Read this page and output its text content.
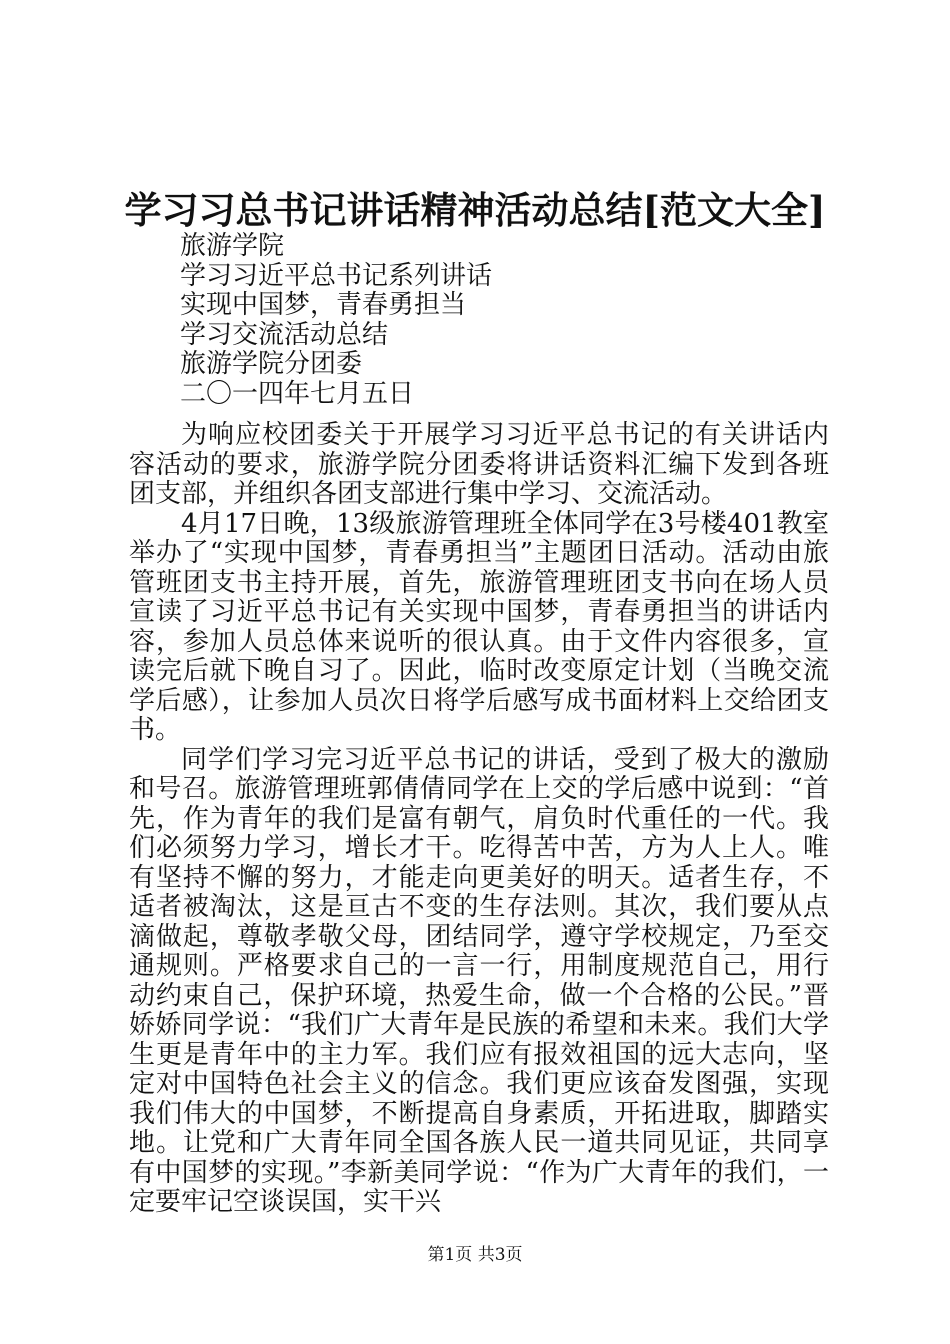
学习习总书记讲话精神活动总结[范文大全]
旅游学院
学习习近平总书记系列讲话
实现中国梦，青春勇担当
学习交流活动总结
旅游学院分团委
二〇一四年七月五日

为响应校团委关于开展学习习近平总书记的有关讲话内容活动的要求，旅游学院分团委将讲话资料汇编下发到各班团支部，并组织各团支部进行集中学习、交流活动。

4月17日晚，13级旅游管理班全体同学在3号楼401教室举办了“实现中国梦，青春勇担当”主题团日活动。活动由旅管班团支书主持开展，首先，旅游管理班团支书向在场人员宣读了习近平总书记有关实现中国梦，青春勇担当的讲话内容，参加人员总体来说听的很认真。由于文件内容很多，宣读完后就下晚自习了。因此，临时改变原定计划（当晚交流学后感），让参加人员次日将学后感写成书面材料上交给团支书。

同学们学习完习近平总书记的讲话，受到了极大的激励和号召。旅游管理班郭倩倩同学在上交的学后感中说到：“首先，作为青年的我们是富有朝气，肩负时代重任的一代。我们必须努力学习，增长才干。吃得苦中苦，方为人上人。唯有坚持不懈的努力，才能走向更美好的明天。适者生存，不适者被淘汰，这是亘古不变的生存法则。其次，我们要从点滴做起，尊敬孝敬父母，团结同学，遵守学校规定，乃至交通规则。严格要求自己的一言一行，用制度规范自己，用行动约束自己，保护环境，热爱生命，做一个合格的公民。”晋娇娇同学说：“我们广大青年是民族的希望和未来。我们大学生更是青年中的主力军。我们应有报效祖国的远大志向，坚定对中国特色社会主义的信念。我们更应该奋发图强，实现我们伟大的中国梦，不断提高自身素质，开拓进取，脚踏实地。让党和广大青年同全国各族人民一道共同见证，共同享有中国梦的实现。”李新美同学说：“作为广大青年的我们，一定要牢记空谈误国，实干兴

第1页 共3页
